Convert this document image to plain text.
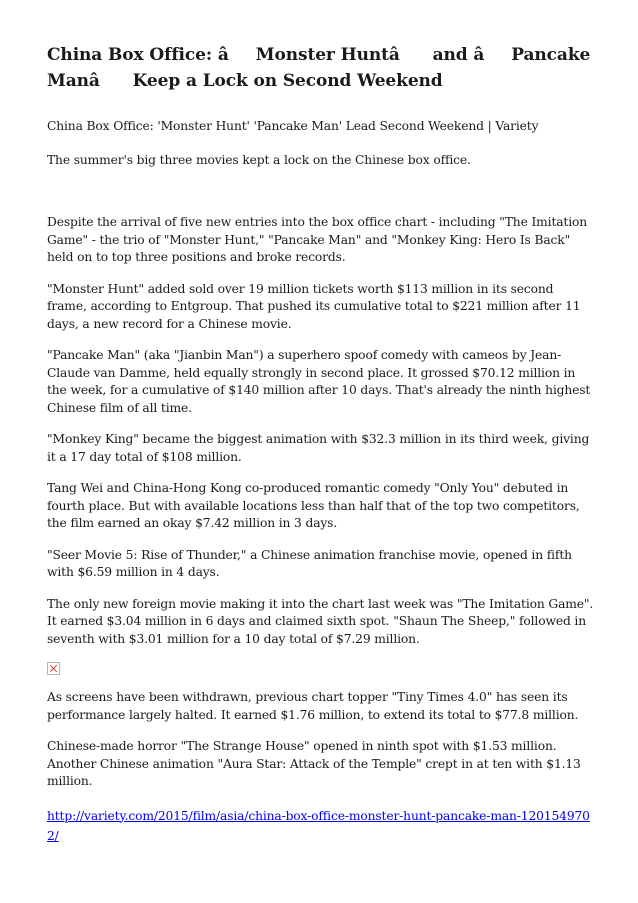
China Box Office: âMonster Huntâ and âPancake Manâ Keep a Lock on Second Weekend

China Box Office: 'Monster Hunt' 'Pancake Man' Lead Second Weekend | Variety

The summer's big three movies kept a lock on the Chinese box office.

Despite the arrival of five new entries into the box office chart - including "The Imitation Game" - the trio of "Monster Hunt," "Pancake Man" and "Monkey King: Hero Is Back" held on to top three positions and broke records.

"Monster Hunt" added sold over 19 million tickets worth $113 million in its second frame, according to Entgroup. That pushed its cumulative total to $221 million after 11 days, a new record for a Chinese movie.

"Pancake Man" (aka "Jianbin Man") a superhero spoof comedy with cameos by Jean-Claude van Damme, held equally strongly in second place. It grossed $70.12 million in the week, for a cumulative of $140 million after 10 days. That's already the ninth highest Chinese film of all time.

"Monkey King" became the biggest animation with $32.3 million in its third week, giving it a 17 day total of $108 million.

Tang Wei and China-Hong Kong co-produced romantic comedy "Only You" debuted in fourth place. But with available locations less than half that of the top two competitors, the film earned an okay $7.42 million in 3 days.

"Seer Movie 5: Rise of Thunder," a Chinese animation franchise movie, opened in fifth with $6.59 million in 4 days.

The only new foreign movie making it into the chart last week was "The Imitation Game". It earned $3.04 million in 6 days and claimed sixth spot. "Shaun The Sheep," followed in seventh with $3.01 million for a 10 day total of $7.29 million.

As screens have been withdrawn, previous chart topper "Tiny Times 4.0" has seen its performance largely halted. It earned $1.76 million, to extend its total to $77.8 million.

Chinese-made horror "The Strange House" opened in ninth spot with $1.53 million. Another Chinese animation "Aura Star: Attack of the Temple" crept in at ten with $1.13 million.

http://variety.com/2015/film/asia/china-box-office-monster-hunt-pancake-man-1201549702/
